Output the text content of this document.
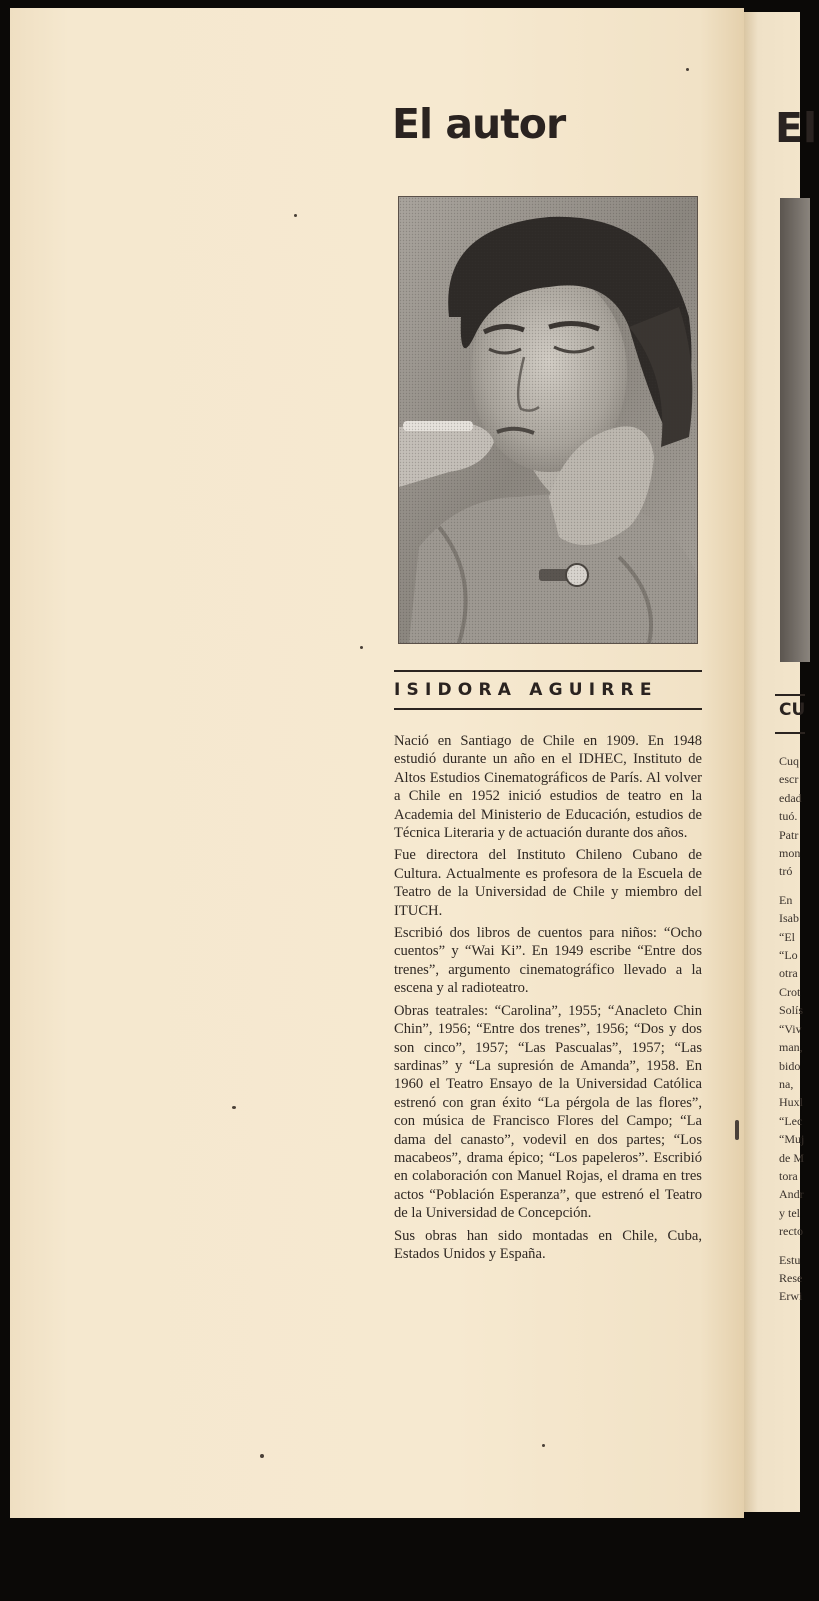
El autor
ISIDORA AGUIRRE

Nació en Santiago de Chile en 1909. En 1948 estudió durante un año en el IDHEC, Instituto de Altos Estudios Cinematográficos de París. Al volver a Chile en 1952 inició estudios de teatro en la Academia del Ministerio de Educación, estudios de Técnica Literaria y de actuación durante dos años.

Fue directora del Instituto Chileno Cubano de Cultura. Actualmente es profesora de la Escuela de Teatro de la Universidad de Chile y miembro del ITUCH.

Escribió dos libros de cuentos para niños: “Ocho cuentos” y “Wai Ki”. En 1949 escribe “Entre dos trenes”, argumento cinematográfico llevado a la escena y al radioteatro.

Obras teatrales: “Carolina”, 1955; “Anacleto Chin Chin”, 1956; “Entre dos trenes”, 1956; “Dos y dos son cinco”, 1957; “Las Pascualas”, 1957; “Las sardinas” y “La supresión de Amanda”, 1958. En 1960 el Teatro Ensayo de la Universidad Católica estrenó con gran éxito “La pérgola de las flores”, con música de Francisco Flores del Campo; “La dama del canasto”, vodevil en dos partes; “Los macabeos”, drama épico; “Los papeleros”. Escribió en colaboración con Manuel Rojas, el drama en tres actos “Población Esperanza”, que estrenó el Teatro de la Universidad de Concepción.

Sus obras han sido montadas en Chile, Cuba, Estados Unidos y España.

El
CU
Cuq
escr
edad
tuó.
Patr
mon
tró
En
Isab
“El
“Lo
otra
Crot
Solís
“Viv
man,
bido
na,
Huxl
“Lec
“Muj
de M
tora
Andr
y tel
recto
Estu
Rese
Erwi
